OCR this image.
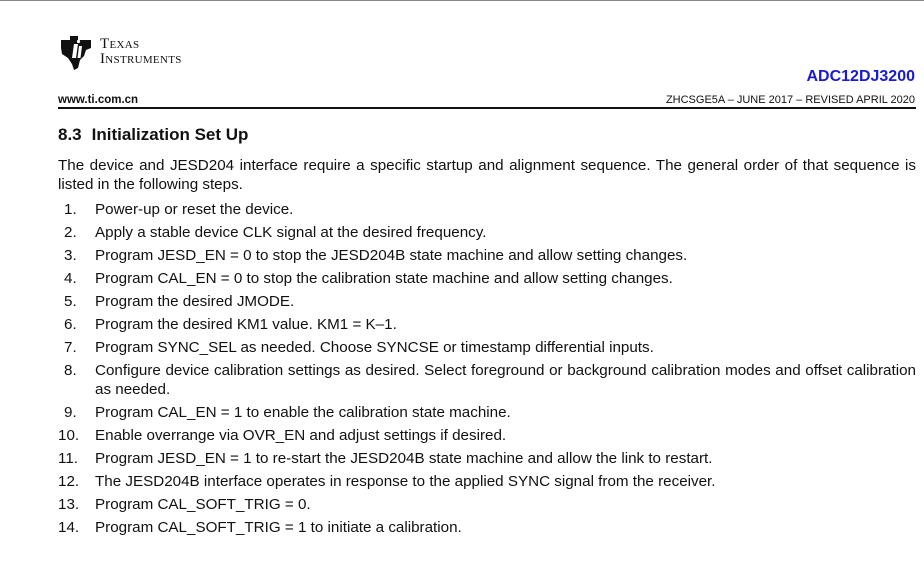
Texas
Instruments
ADC12DJ3200
www.ti.com.cn	ZHCSGE5A – JUNE 2017 – REVISED APRIL 2020
8.3 Initialization Set Up
The device and JESD204 interface require a specific startup and alignment sequence. The general order of that sequence is listed in the following steps.
1.	Power-up or reset the device.
2.	Apply a stable device CLK signal at the desired frequency.
3.	Program JESD_EN = 0 to stop the JESD204B state machine and allow setting changes.
4.	Program CAL_EN = 0 to stop the calibration state machine and allow setting changes.
5.	Program the desired JMODE.
6.	Program the desired KM1 value. KM1 = K–1.
7.	Program SYNC_SEL as needed. Choose SYNCSE or timestamp differential inputs.
8.	Configure device calibration settings as desired. Select foreground or background calibration modes and offset calibration as needed.
9.	Program CAL_EN = 1 to enable the calibration state machine.
10.	Enable overrange via OVR_EN and adjust settings if desired.
11.	Program JESD_EN = 1 to re-start the JESD204B state machine and allow the link to restart.
12.	The JESD204B interface operates in response to the applied SYNC signal from the receiver.
13.	Program CAL_SOFT_TRIG = 0.
14.	Program CAL_SOFT_TRIG = 1 to initiate a calibration.
